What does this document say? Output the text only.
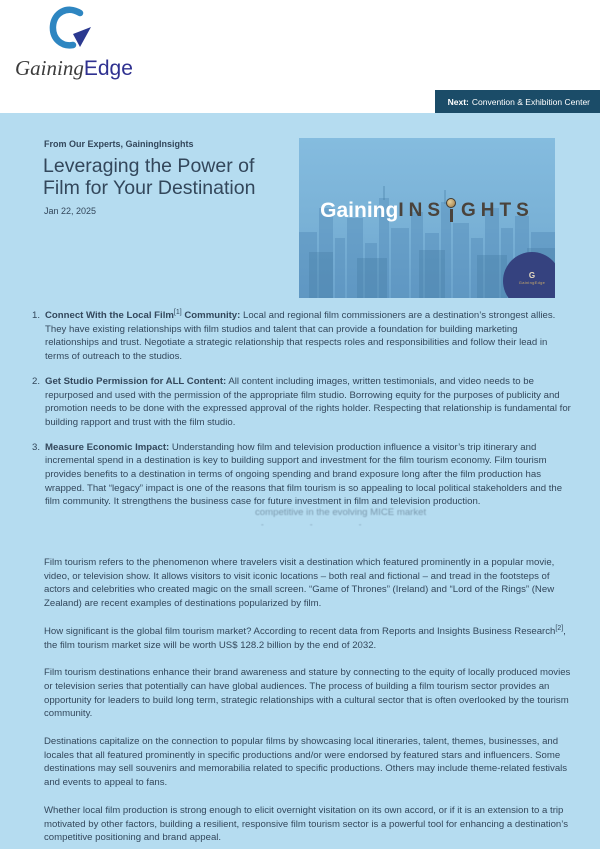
GainingEdge
Next: Convention & Exhibition Center
From Our Experts, GainingInsights
Leveraging the Power of Film for Your Destination
Jan 22, 2025	Gaining INS GHTS
G
GainingEdge
1. Connect With the Local Film[1] Community: Local and regional film commissioners are a destination’s strongest allies. They have existing relationships with film studios and talent that can provide a foundation for building marketing relationships and trust. Negotiate a strategic relationship that respects roles and responsibilities and follow their lead in terms of outreach to the studios.
2. Get Studio Permission for ALL Content: All content including images, written testimonials, and video needs to be repurposed and used with the permission of the appropriate film studio. Borrowing equity for the purposes of publicity and promotion needs to be done with the expressed approval of the rights holder. Respecting that relationship is fundamental for building rapport and trust with the film studio.
3. Measure Economic Impact: Understanding how film and television production influence a visitor’s trip itinerary and incremental spend in a destination is key to building support and investment for the film tourism economy. Film tourism provides benefits to a destination in terms of ongoing spending and brand exposure long after the film production has wrapped. That “legacy” impact is one of the reasons that film tourism is so appealing to local political stakeholders and the film community. It strengthens the business case for future investment in film and television production.
competitive in the evolving MICE market
- - -

Film tourism refers to the phenomenon where travelers visit a destination which featured prominently in a popular movie, video, or television show. It allows visitors to visit iconic locations – both real and fictional – and tread in the footsteps of actors and celebrities who created magic on the small screen. “Game of Thrones” (Ireland) and “Lord of the Rings” (New Zealand) are recent examples of destinations popularized by film.

How significant is the global film tourism market? According to recent data from Reports and Insights Business Research[2], the film tourism market size will be worth US$ 128.2 billion by the end of 2032.

Film tourism destinations enhance their brand awareness and stature by connecting to the equity of locally produced movies or television series that potentially can have global audiences. The process of building a film tourism sector provides an opportunity for leaders to build long term, strategic relationships with a cultural sector that is often overlooked by the tourism community.

Destinations capitalize on the connection to popular films by showcasing local itineraries, talent, themes, businesses, and locales that all featured prominently in specific productions and/or were endorsed by featured stars and influencers. Some destinations may sell souvenirs and memorabilia related to specific productions. Others may include theme-related festivals and events to appeal to fans.

Whether local film production is strong enough to elicit overnight visitation on its own accord, or if it is an extension to a trip motivated by other factors, building a resilient, responsive film tourism sector is a powerful tool for enhancing a destination’s competitive positioning and brand appeal.
